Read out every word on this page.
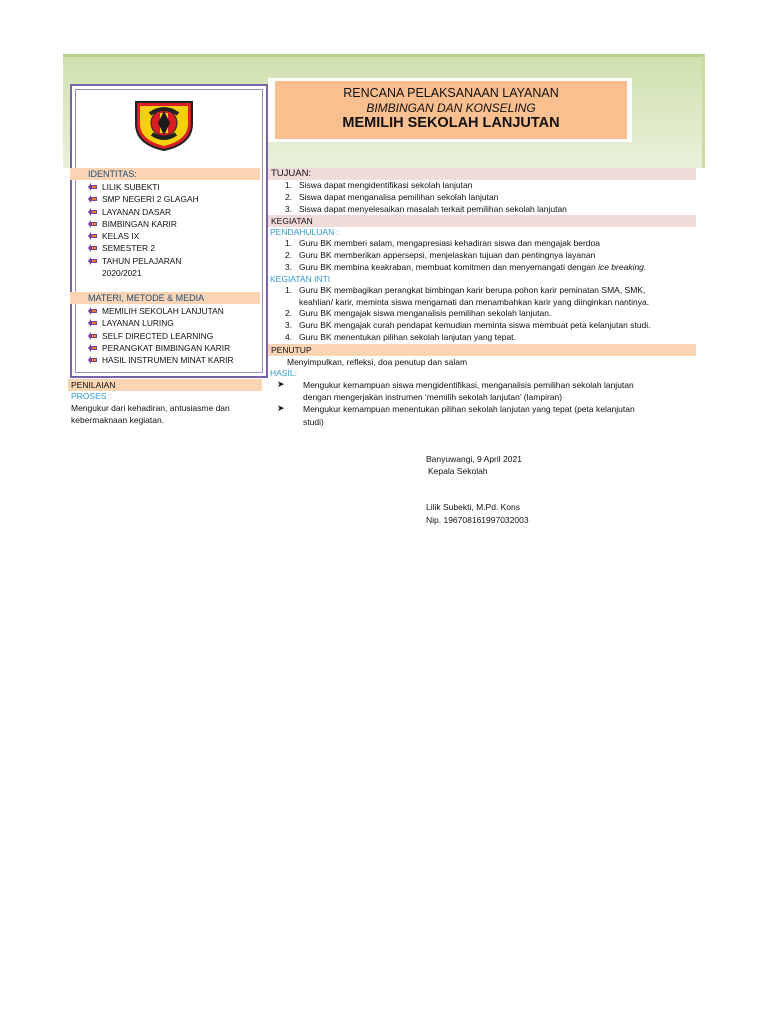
RENCANA PELAKSANAAN LAYANAN
BIMBINGAN DAN KONSELING
MEMILIH SEKOLAH LANJUTAN
IDENTITAS:
LILIK SUBEKTI
SMP NEGERI 2 GLAGAH
LAYANAN DASAR
BIMBINGAN KARIR
KELAS IX
SEMESTER 2
TAHUN PELAJARAN
2020/2021
MATERI, METODE & MEDIA
MEMILIH SEKOLAH LANJUTAN
LAYANAN LURING
SELF DIRECTED LEARNING
PERANGKAT BIMBINGAN KARIR
HASIL INSTRUMEN MINAT KARIR
PENILAIAN
PROSES :
Mengukur dari kehadiran, antusiasme dan
kebermaknaan kegiatan.
TUJUAN:
1. Siswa dapat mengidentifikasi sekolah lanjutan
2. Siswa dapat menganalisa pemilihan sekolah lanjutan
3. Siswa dapat menyelesaikan masalah terkait pemilihan sekolah lanjutan
KEGIATAN
PENDAHULUAN :
1. Guru BK memberi salam, mengapresiasi kehadiran siswa dan mengajak berdoa
2. Guru BK memberikan appersepsi, menjelaskan tujuan dan pentingnya layanan
3. Guru BK membina keakraban, membuat komitmen dan menyemangati dengan ice breaking.
KEGIATAN INTI
1. Guru BK membagikan perangkat bimbingan karir berupa pohon karir peminatan SMA, SMK,
keahlian/ karir, meminta siswa mengamati dan menambahkan karir yang diinginkan nantinya.
2. Guru BK mengajak siswa menganalisis pemilihan sekolah lanjutan.
3. Guru BK mengajak curah pendapat kemudian meminta siswa membuat peta kelanjutan studi.
4. Guru BK menentukan pilihan sekolah lanjutan yang tepat.
PENUTUP
Menyimpulkan, refleksi, doa penutup dan salam
HASIL:
➤ Mengukur kemampuan siswa mengidentifikasi, menganalisis pemilihan sekolah lanjutan
dengan mengerjakan instrumen ‘memilih sekolah lanjutan’ (lampiran)
➤ Mengukur kemampuan menentukan pilihan sekolah lanjutan yang tepat (peta kelanjutan
studi)
Banyuwangi, 9 April 2021
Kepala Sekolah
Lilik Subekti, M.Pd. Kons
Nip. 196708161997032003
